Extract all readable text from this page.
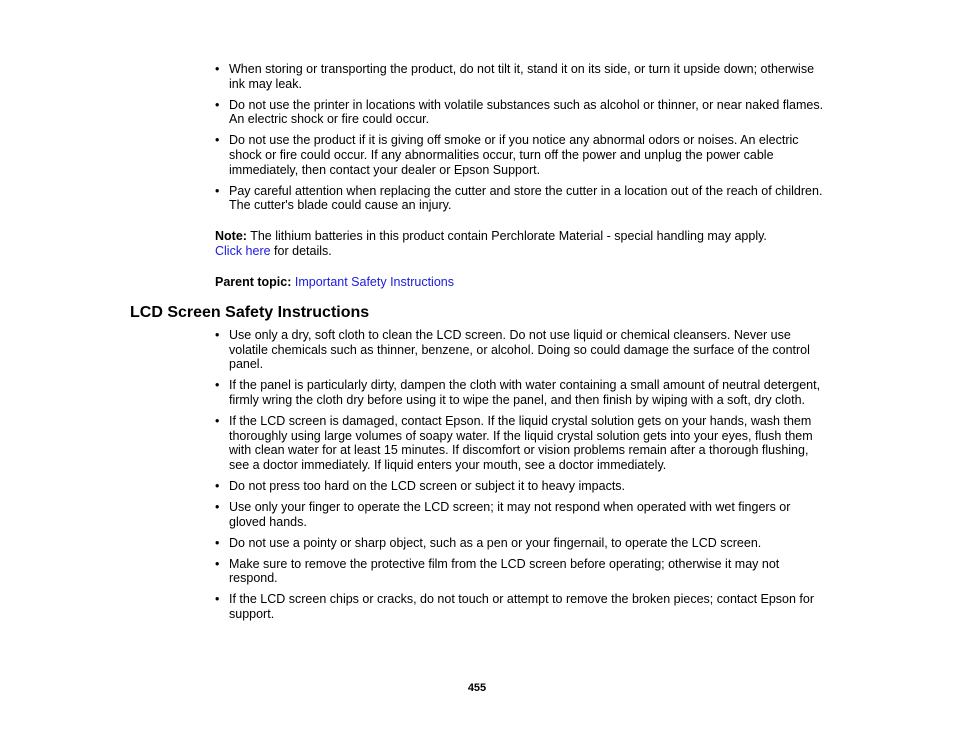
• When storing or transporting the product, do not tilt it, stand it on its side, or turn it upside down; otherwise ink may leak.
• Do not use the printer in locations with volatile substances such as alcohol or thinner, or near naked flames. An electric shock or fire could occur.
• Do not use the product if it is giving off smoke or if you notice any abnormal odors or noises. An electric shock or fire could occur. If any abnormalities occur, turn off the power and unplug the power cable immediately, then contact your dealer or Epson Support.
• Pay careful attention when replacing the cutter and store the cutter in a location out of the reach of children. The cutter's blade could cause an injury.
Note: The lithium batteries in this product contain Perchlorate Material - special handling may apply.
Click here for details.
Parent topic: Important Safety Instructions
LCD Screen Safety Instructions
• Use only a dry, soft cloth to clean the LCD screen. Do not use liquid or chemical cleansers. Never use volatile chemicals such as thinner, benzene, or alcohol. Doing so could damage the surface of the control panel.
• If the panel is particularly dirty, dampen the cloth with water containing a small amount of neutral detergent, firmly wring the cloth dry before using it to wipe the panel, and then finish by wiping with a soft, dry cloth.
• If the LCD screen is damaged, contact Epson. If the liquid crystal solution gets on your hands, wash them thoroughly using large volumes of soapy water. If the liquid crystal solution gets into your eyes, flush them with clean water for at least 15 minutes. If discomfort or vision problems remain after a thorough flushing, see a doctor immediately. If liquid enters your mouth, see a doctor immediately.
• Do not press too hard on the LCD screen or subject it to heavy impacts.
• Use only your finger to operate the LCD screen; it may not respond when operated with wet fingers or gloved hands.
• Do not use a pointy or sharp object, such as a pen or your fingernail, to operate the LCD screen.
• Make sure to remove the protective film from the LCD screen before operating; otherwise it may not respond.
• If the LCD screen chips or cracks, do not touch or attempt to remove the broken pieces; contact Epson for support.
455
